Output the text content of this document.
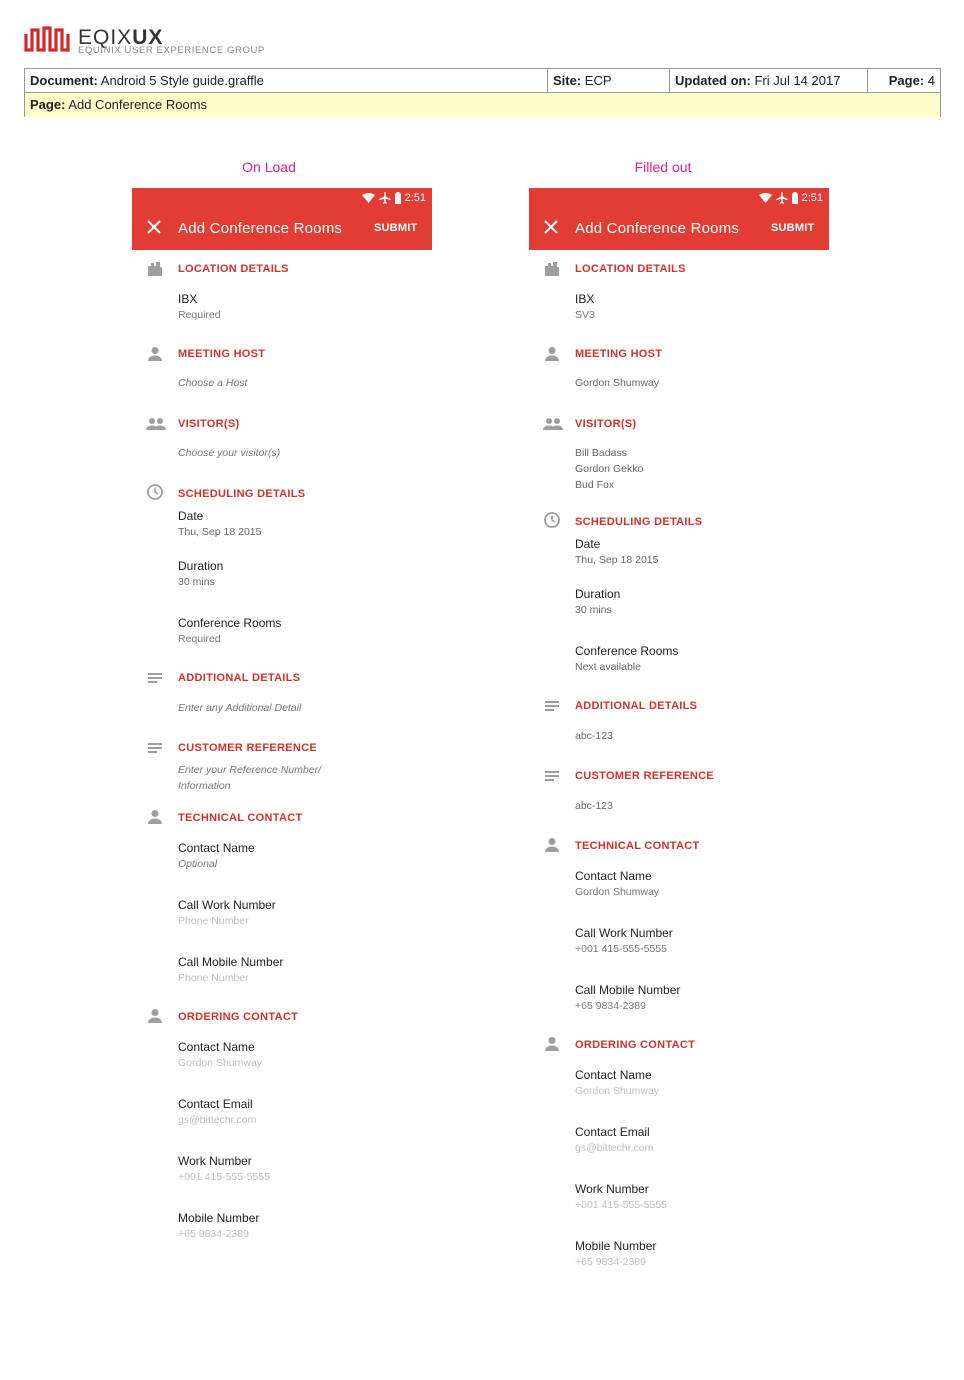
EQIXUX
EQUINIX USER EXPERIENCE GROUP
Document: Android 5 Style guide.graffle	Site: ECP	Updated on: Fri Jul 14 2017	Page: 4
Page: Add Conference Rooms
On Load	Filled out
2:51
Add Conference Rooms	SUBMIT
LOCATION DETAILS
IBX
Required
MEETING HOST
Choose a Host
VISITOR(S)
Choose your visitor(s)
SCHEDULING DETAILS
Date
Thu, Sep 18 2015
Duration
30 mins
Conference Rooms
Required
ADDITIONAL DETAILS
Enter any Additional Detail
CUSTOMER REFERENCE
Enter your Reference Number/
Information
TECHNICAL CONTACT
Contact Name
Optional
Call Work Number
Phone Number
Call Mobile Number
Phone Number
ORDERING CONTACT
Contact Name
Gordon Shumway
Contact Email
gs@bittechr.com
Work Number
+001 415-555-5555
Mobile Number
+65 9834-2389
2:51
Add Conference Rooms	SUBMIT
LOCATION DETAILS
IBX
SV3
MEETING HOST
Gordon Shumway
VISITOR(S)
Bill Badass
Gordon Gekko
Bud Fox
SCHEDULING DETAILS
Date
Thu, Sep 18 2015
Duration
30 mins
Conference Rooms
Next available
ADDITIONAL DETAILS
abc-123
CUSTOMER REFERENCE
abc-123
TECHNICAL CONTACT
Contact Name
Gordon Shumway
Call Work Number
+001 415-555-5555
Call Mobile Number
+65 9834-2389
ORDERING CONTACT
Contact Name
Gordon Shumway
Contact Email
gs@bittechr.com
Work Number
+001 415-555-5555
Mobile Number
+65 9834-2389
